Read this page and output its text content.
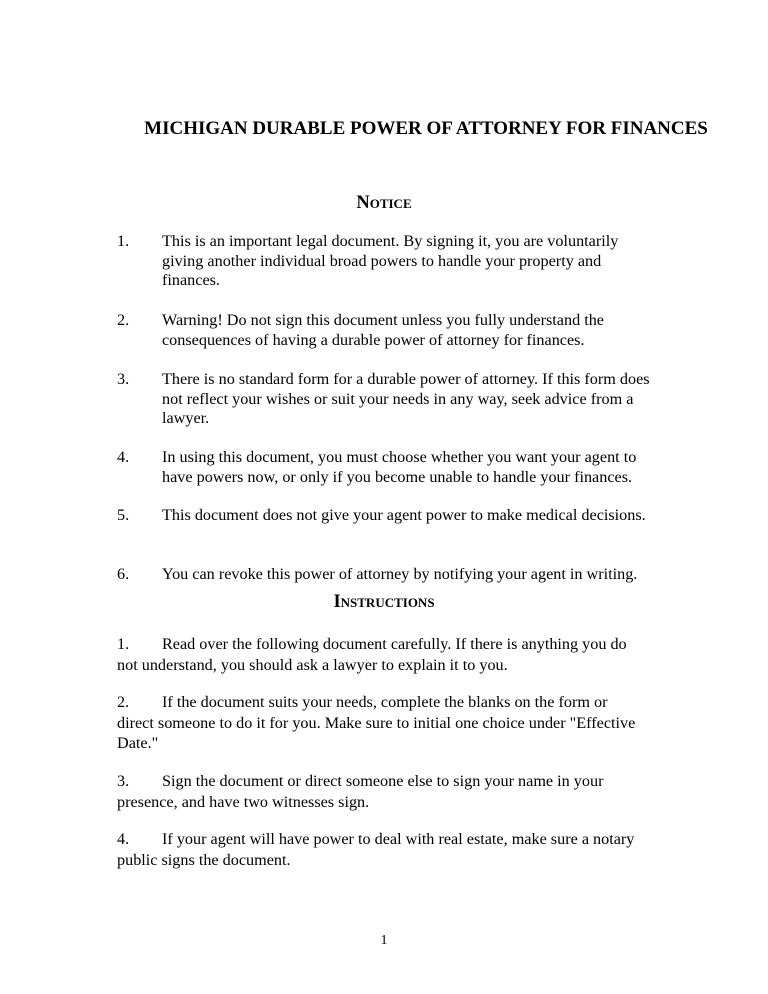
MICHIGAN DURABLE POWER OF ATTORNEY FOR FINANCES
Notice
1. This is an important legal document. By signing it, you are voluntarily giving another individual broad powers to handle your property and finances.
2. Warning! Do not sign this document unless you fully understand the consequences of having a durable power of attorney for finances.
3. There is no standard form for a durable power of attorney. If this form does not reflect your wishes or suit your needs in any way, seek advice from a lawyer.
4. In using this document, you must choose whether you want your agent to have powers now, or only if you become unable to handle your finances.
5. This document does not give your agent power to make medical decisions.
6. You can revoke this power of attorney by notifying your agent in writing.
Instructions
1. Read over the following document carefully. If there is anything you do not understand, you should ask a lawyer to explain it to you.
2. If the document suits your needs, complete the blanks on the form or direct someone to do it for you. Make sure to initial one choice under "Effective Date."
3. Sign the document or direct someone else to sign your name in your presence, and have two witnesses sign.
4. If your agent will have power to deal with real estate, make sure a notary public signs the document.
1
